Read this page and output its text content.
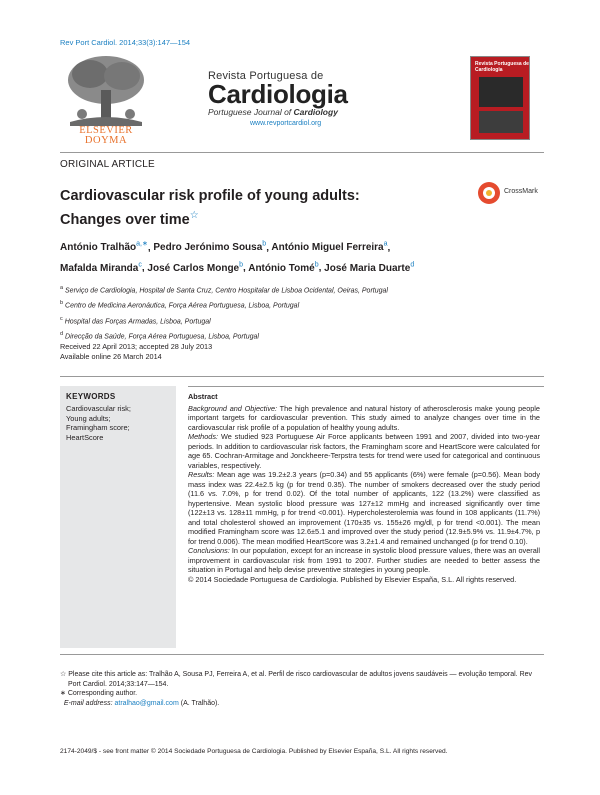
Rev Port Cardiol. 2014;33(3):147—154
ELSEVIER
DOYMA
Revista Portuguesa de
Cardiologia
Portuguese Journal of Cardiology
www.revportcardiol.org
Revista Portuguesa de Cardiologia
ORIGINAL ARTICLE
Cardiovascular risk profile of young adults:
Changes over time☆
CrossMark
António Tralhão$^{a,∗}$, Pedro Jerónimo Sousa$^b$, António Miguel Ferreira$^a$,
Mafalda Miranda$^c$, José Carlos Monge$^b$, António Tomé$^b$, José Maria Duarte$^d$
$^a$ Serviço de Cardiologia, Hospital de Santa Cruz, Centro Hospitalar de Lisboa Ocidental, Oeiras, Portugal
$^b$ Centro de Medicina Aeronáutica, Força Aérea Portuguesa, Lisboa, Portugal
$^c$ Hospital das Forças Armadas, Lisboa, Portugal
$^d$ Direcção da Saúde, Força Aérea Portuguesa, Lisboa, Portugal
Received 22 April 2013; accepted 28 July 2013
Available online 26 March 2014
KEYWORDS
Cardiovascular risk;
Young adults;
Framingham score;
HeartScore
Abstract

Background and Objective: The high prevalence and natural history of atherosclerosis make young people important targets for cardiovascular prevention. This study aimed to analyze changes over time in the cardiovascular risk profile of a population of healthy young adults.

Methods: We studied 923 Portuguese Air Force applicants between 1991 and 2007, divided into two-year periods. In addition to cardiovascular risk factors, the Framingham score and HeartScore were calculated for age 65. Cochran-Armitage and Jonckheere-Terpstra tests for trend were used for categorical and continuous variables, respectively.

Results: Mean age was 19.2±2.3 years (p=0.34) and 55 applicants (6%) were female (p=0.56). Mean body mass index was 22.4±2.5 kg (p for trend 0.35). The number of smokers decreased over the study period (11.6 vs. 7.0%, p for trend 0.02). Of the total number of applicants, 122 (13.2%) were classified as hypertensive. Mean systolic blood pressure was 127±12 mmHg and increased significantly over time (122±13 vs. 128±11 mmHg, p for trend <0.001). Hypercholesterolemia was found in 108 applicants (11.7%) and total cholesterol showed an improvement (170±35 vs. 155±26 mg/dl, p for trend <0.001). The mean modified Framingham score was 12.6±5.1 and improved over the study period (12.9±5.9% vs. 11.9±4.7%, p for trend 0.006). The mean modified HeartScore was 3.2±1.4 and remained unchanged (p for trend 0.10).

Conclusions: In our population, except for an increase in systolic blood pressure values, there was an overall improvement in cardiovascular risk from 1991 to 2007. Further studies are needed to better assess the situation in Portugal and help devise preventive strategies in young people.

© 2014 Sociedade Portuguesa de Cardiologia. Published by Elsevier España, S.L. All rights reserved.

☆ Please cite this article as: Tralhão A, Sousa PJ, Ferreira A, et al. Perfil de risco cardiovascular de adultos jovens saudáveis — evolução temporal. Rev Port Cardiol. 2014;33:147—154.
∗ Corresponding author.
E-mail address: atralhao@gmail.com (A. Tralhão).
2174-2049/$ - see front matter © 2014 Sociedade Portuguesa de Cardiologia. Published by Elsevier España, S.L. All rights reserved.
